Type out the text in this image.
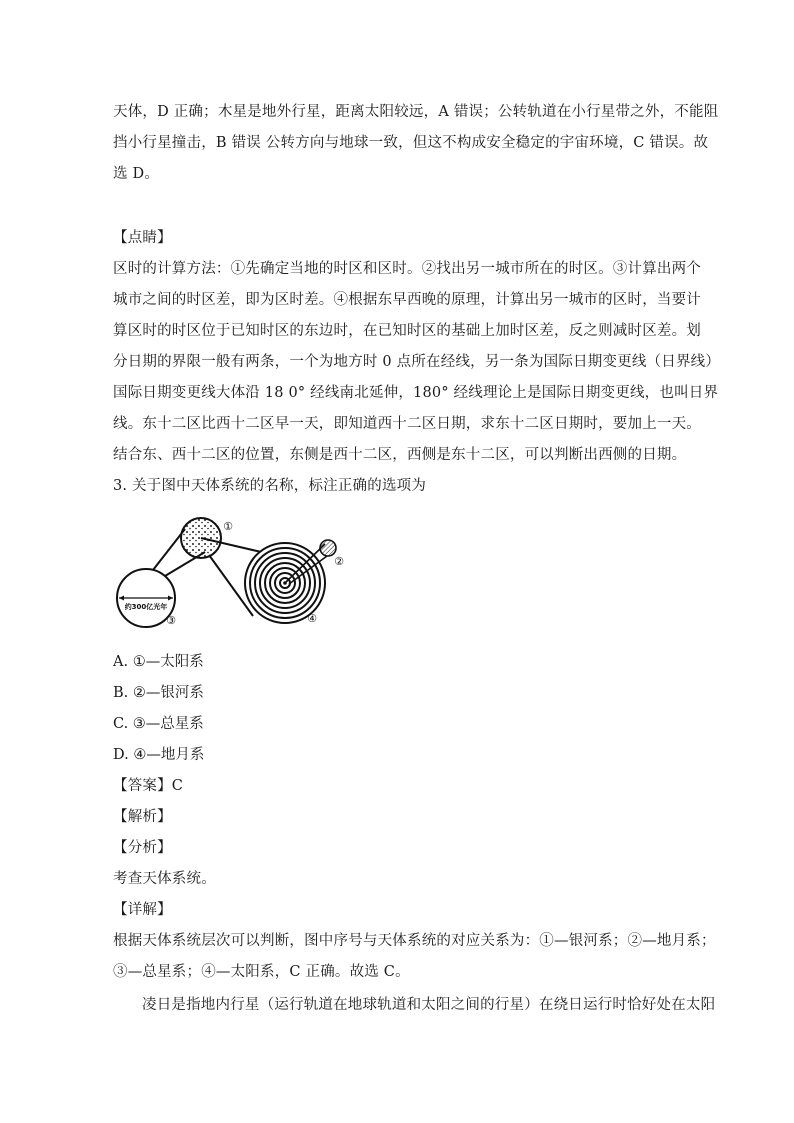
天体，D 正确；木星是地外行星，距离太阳较远，A 错误；公转轨道在小行星带之外，不能阻

挡小行星撞击，B 错误 公转方向与地球一致，但这不构成安全稳定的宇宙环境，C 错误。故

选 D。

【点睛】

区时的计算方法：①先确定当地的时区和区时。②找出另一城市所在的时区。③计算出两个

城市之间的时区差，即为区时差。④根据东早西晚的原理，计算出另一城市的区时，当要计

算区时的时区位于已知时区的东边时，在已知时区的基础上加时区差，反之则减时区差。划

分日期的界限一般有两条，一个为地方时 0 点所在经线，另一条为国际日期变更线（日界线）

国际日期变更线大体沿 18 0° 经线南北延伸，180° 经线理论上是国际日期变更线，也叫日界

线。东十二区比西十二区早一天，即知道西十二区日期，求东十二区日期时，要加上一天。

结合东、西十二区的位置，东侧是西十二区，西侧是东十二区，可以判断出西侧的日期。

3. 关于图中天体系统的名称，标注正确的选项为

约300亿光年
①
②
③	④

A. ①—太阳系

B. ②—银河系

C. ③—总星系

D. ④—地月系

【答案】C

【解析】

【分析】

考查天体系统。

【详解】

根据天体系统层次可以判断，图中序号与天体系统的对应关系为：①—银河系；②—地月系；

③—总星系；④—太阳系，C 正确。故选 C。

凌日是指地内行星（运行轨道在地球轨道和太阳之间的行星）在绕日运行时恰好处在太阳
